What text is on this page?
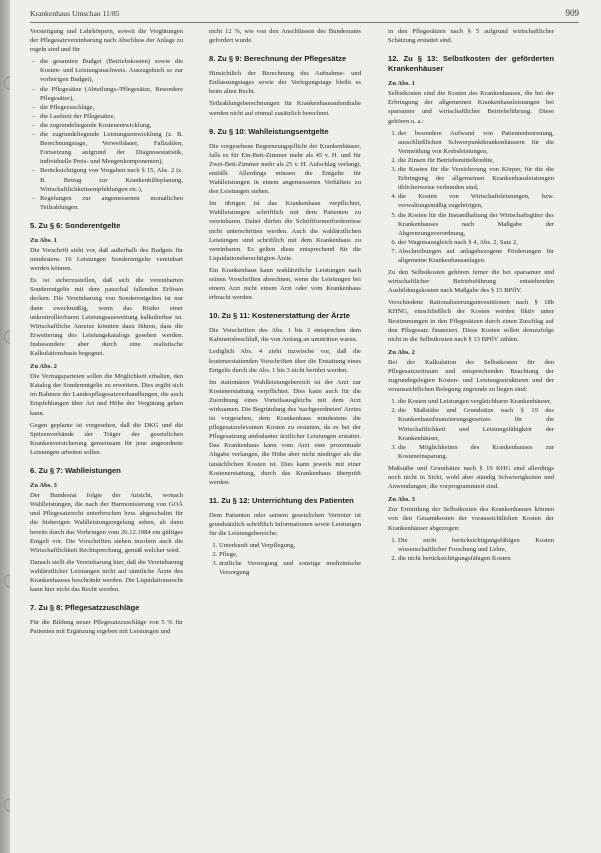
Krankenhaus Umschau 11/85	909

Verstetigung und Lehrkörpern, soweit die Vergütungen der Pflegesatzvereinbarung nach Abschluss der Anlage zu regeln sind und für

– die gesamten Budget (Betriebskosten) sowie die Kosten- und Leistungsnachweis. Auszugsbuch so zur vorherigen Budget),
– die Pflegesätze (Abteilungs-/Pflegesätze, Besondere Pflegesätze),
– die Pflegezuschläge,
– die Laufzeit der Pflegesätze,
– die zugrundeliegende Kostenentwicklung,
– die zugrundeliegende Leistungsentwicklung (z. B. Berechnungstage, Verweildauer, Fallzahlen, Fortsetzung aufgrund der Diagnosestatistik, individuelle Preis- und Mengenkomponenten),
– Berücksichtigung von Vorgaben nach § 15, Abs. 2 (z. B. Betrag zur Krankenhilfeplanung, Wirtschaftlichkeitsempfehlungen etc.),
– Regelungen zur angemessenen monatlichen Teilzahlungen.
5. Zu § 6: Sonderentgelte
Zu Abs. 1

Die Vorschrift sieht vor, daß außerhalb des Budgets für mindestens 16 Leistungen Sonderentgelte vereinbart werden können.

Es ist sicherzustellen, daß sich die vereinbarten Sonderentgelte mit dem pauschal fallenden Erlösen decken. Die Vereinbarung von Sonderentgelten ist nur dann zweckmäßig, wenn das Risiko einer unkontrollierbaren Leistungsausweitung kalkulierbar ist. Wirtschaftliche Anreize könnten dazu führen, dass die Erweiterung des Leistungskatalogs gesehen werden. Insbesondere aber durch eine realistische Kalkulationsbasis begegnet.

Zu Abs. 2

Die Vertragsparteien sollen die Möglichkeit erhalten, den Katalog der Sonderentgelte zu erweitern. Dies ergibt sich im Rahmen der Landespflegesatzverhandlungen, die auch Empfehlungen über Art und Höhe der Vergütung geben kann.

Gegen geplante ist vorgesehen, daß die DKG und die Spitzenverbände der Träger der gesetzlichen Krankenversicherung gemeinsam für jene angeordnete Leistungen arbeiten sollen.

6. Zu § 7: Wahlleistungen
Zu Abs. 3

Der Bundesrat folgte der Ansicht, wonach Wahlleistungen, die nach der Harmonisierung von GOÄ und Pflegesatzrecht unterbrochen bzw. abgeschaltet für die bisherigen Wahlleistungsregelung sehen, ab dann bereits durch das Vorbringen vom 26.12.1984 ein gültiges Entgelt vor. Die Vorschriften stehen insofern auch die Wirtschaftlichkeit Rechtsprechung, gemäß welcher wird.

Danach stellt die Vereinbarung hier, daß die Vereinbarung wahlärztlicher Leistungen nicht auf sämtliche Ärzte des Krankenhauses beschränkt werden. Die Liquidationsrecht kann hier nicht das Recht werden.

7. Zu § 8: Pflegesatzzuschläge

Für die Bildung neuer Pflegesatzzuschläge von 5 % für Patienten mit Ergänzung ergeben mit Leistungen und

nicht 12 %, wie von den Anschlüssen des Bundesrates gefordert wurde.

8. Zu § 9: Berechnung der Pflegesätze

Hinsichtlich der Berechnung des Aufnahme- und Entlassungstages sowie der Verlegungstage bleibt es beim alten Recht.

Teilzahlungsberechnungen für Krankenhausaufenthalte werden nicht auf einmal zusätzlich berechnet.

9. Zu § 10: Wahlleistungsentgelte

Die vorgesehene Begrenzungspflicht der Krankenhäuser, falls es für Ein-Bett-Zimmer mehr als 45 v. H. und für Zwei-Bett-Zimmer mehr als 25 v. H. Aufschlag verlangt, entfällt. Allerdings müssen die Entgelte für Wahlleistungen in einem angemessenen Verhältnis zu den Leistungen stehen.

Im übrigen ist das Krankenhaus verpflichtet, Wahlleistungen schriftlich mit dem Patienten zu vereinbaren. Dabei dürfen die Schriftformerfordernisse nicht unterschritten werden. Auch die wahlärztlichen Leistungen sind schriftlich mit dem Krankenhaus zu vereinbaren. Es gelten diese entsprechend für die Liquidationsberechtigten Ärzte.

Ein Krankenhaus kann wahlärztliche Leistungen nach seinen Vorschriften abrechnen, wenn die Leistungen bei einem Arzt nicht einem Arzt oder vom Krankenhaus erbracht werden.

10. Zu § 11: Kostenerstattung der Ärzte

Die Vorschriften des Abs. 1 bis 3 entsprechen dem Kabinettsbeschluß, die von Anfang an umstritten waren.

Lediglich Abs. 4 zieht inzwische vor, daß die kostenerstattenden Vorschriften über die Erstattung eines Entgelts durch die Abs. 1 bis 3 nicht berührt werden.

Im stationären Wahlleistungsbereich ist der Arzt zur Kostenerstattung verpflichtet. Dies kann auch für die Zuordnung eines Vorteilsausgleichs mit dem Arzt wirksamen. Die Begründung des 'nachgeordneten' Arztes ist vorgesehen, dem Krankenhaus mindestens die pflegesatzrelevanten Kosten zu erstatten, da es bei der Pflegesatzung ambulanter ärztlicher Leistungen erstattet. Das Krankenhaus kann vom Arzt eine prozentuale Abgabe verlangen, die Höhe aber nicht niedriger als die tatsächlichen Kosten ist. Dies kann jeweils mit einer Kostenerstattung, durch das Krankenhaus überprüft werden.

11. Zu § 12: Unterrichtung des Patienten

Dem Patienten oder seinem gesetzlichen Vertreter ist grundsätzlich schriftlich Informationen sowie Leistungen für die Leistungsbereiche:

1. Unterkunft und Verpflegung,
2. Pflege,
3. ärztliche Versorgung und sonstige medizinische Versorgung

in den Pflegesätzen nach § 5 aufgrund wirtschaftlicher Schätzung erstattet sind.

12. Zu § 13: Selbstkosten der geförderten Krankenhäuser
Zu Abs. 1

Selbstkosten sind die Kosten des Krankenhauses, die bei der Erbringung der allgemeinen Krankenhausleistungen bei sparsamer und wirtschaftlicher Betriebsführung. Diese gehören u. a.:

1. der besondere Aufwand von Patientenbetreuung, ausschließlichen Schwerpunktkrankenhäusern für die Vermeidung von Krebsleistungen,
2. die Zinsen für Betriebsmittelkredite,
3. die Kosten für die Versicherung von Körper, für die die Erbringung der allgemeinen Krankenhausleistungen üblicherweise verbunden sind,
4. die Kosten von Wirtschaftsleistungen, bzw. verwaltungsmäßig zugehörigen,
5. die Kosten für die Instandhaltung der Wirtschaftsgüter des Krankenhauses nach Maßgabe der Abgrenzungsverordnung,
6. der Wagnisausgleich nach § 4, Abs. 2, Satz 2,
7. Abschreibungen auf anlagebezogene Förderungen für allgemeine Krankenhausanlagen.

Zu den Selbstkosten gehören ferner die bei sparsamer und wirtschaftlicher Betriebsführung entstehenden Ausbildungskosten nach Maßgabe des § 15 BPflV.

Verschiedene Rationalisierungsinvestitionen nach § 18b KHNG, einschließlich der Kosten werden fiktiv unter Bestimmungen in den Pflegesätzen durch einen Zuschlag auf den Pflegesatz finanziert. Diese Kosten sollen demzufolge nicht in die Selbstkosten nach § 13 BPflV zählen.

Zu Abs. 2

Bei der Kalkulation der Selbstkosten für den Pflegesatzzeitraum und entsprechenden Beachtung der zugrundegelegten Kosten- und Leistungsstrukturen und der voraussichtlichen Belegung zugrunde zu liegen sind:

1. die Kosten und Leistungen vergleichbarer Krankenhäuser,
2. die Maßstäbe und Grundsätze nach § 19 des Krankenhausfinanzierungsgesetzes für die Wirtschaftlichkeit und Leistungsfähigkeit der Krankenhäuser,
3. die Möglichkeiten des Krankenhauses zur Kosteneinsparung.

Maßstäbe und Grundsätze nach § 19 KHG sind allerdings noch nicht in Sicht, wohl aber ständig Schwierigkeiten und Anwendungen, die vorprogrammiert sind.

Zu Abs. 3

Zur Ermittlung der Selbstkosten des Krankenhauses können von den Gesamtkosten der voraussichtlichen Kosten der Krankenhäuser abgezogen:

1. Die nicht berücksichtigungsfähigen Kosten wissenschaftlicher Forschung und Lehre,
2. die nicht berücksichtigungsfähigen Kosten
